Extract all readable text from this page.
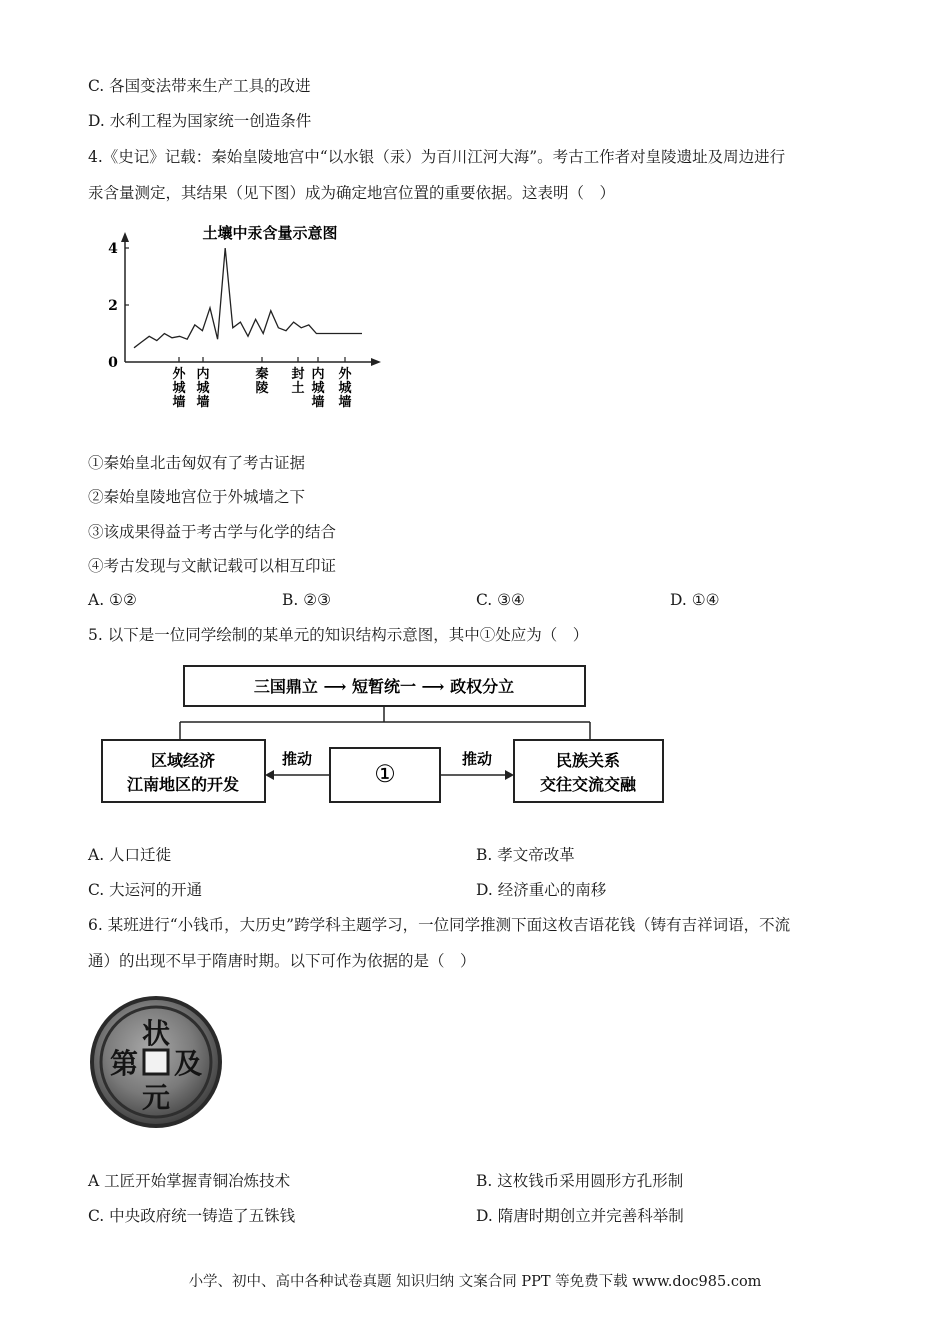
C. 各国变法带来生产工具的改进
D. 水利工程为国家统一创造条件
4.《史记》记载：秦始皇陵地宫中“以水银（汞）为百川江河大海”。考古工作者对皇陵遗址及周边进行
汞含量测定，其结果（见下图）成为确定地宫位置的重要依据。这表明（　）
土壤中汞含量示意图
4
2
0
外城墙
内城墙
秦陵
封土
内城墙
外城墙
①秦始皇北击匈奴有了考古证据
②秦始皇陵地宫位于外城墙之下
③该成果得益于考古学与化学的结合
④考古发现与文献记载可以相互印证
A. ①②	B. ②③	C. ③④	D. ①④
5. 以下是一位同学绘制的某单元的知识结构示意图，其中①处应为（　）
三国鼎立 ⟶ 短暂统一 ⟶ 政权分立
区域经济
江南地区的开发	①	民族关系
交往交流交融
推动	推动
A. 人口迁徙	B. 孝文帝改革
C. 大运河的开通	D. 经济重心的南移
6. 某班进行“小钱币，大历史”跨学科主题学习，一位同学推测下面这枚吉语花钱（铸有吉祥词语，不流
通）的出现不早于隋唐时期。以下可作为依据的是（　）
状
及
元
第
A 工匠开始掌握青铜冶炼技术	B. 这枚钱币采用圆形方孔形制
C. 中央政府统一铸造了五铢钱	D. 隋唐时期创立并完善科举制
小学、初中、高中各种试卷真题 知识归纳 文案合同 PPT 等免费下载 www.doc985.com
